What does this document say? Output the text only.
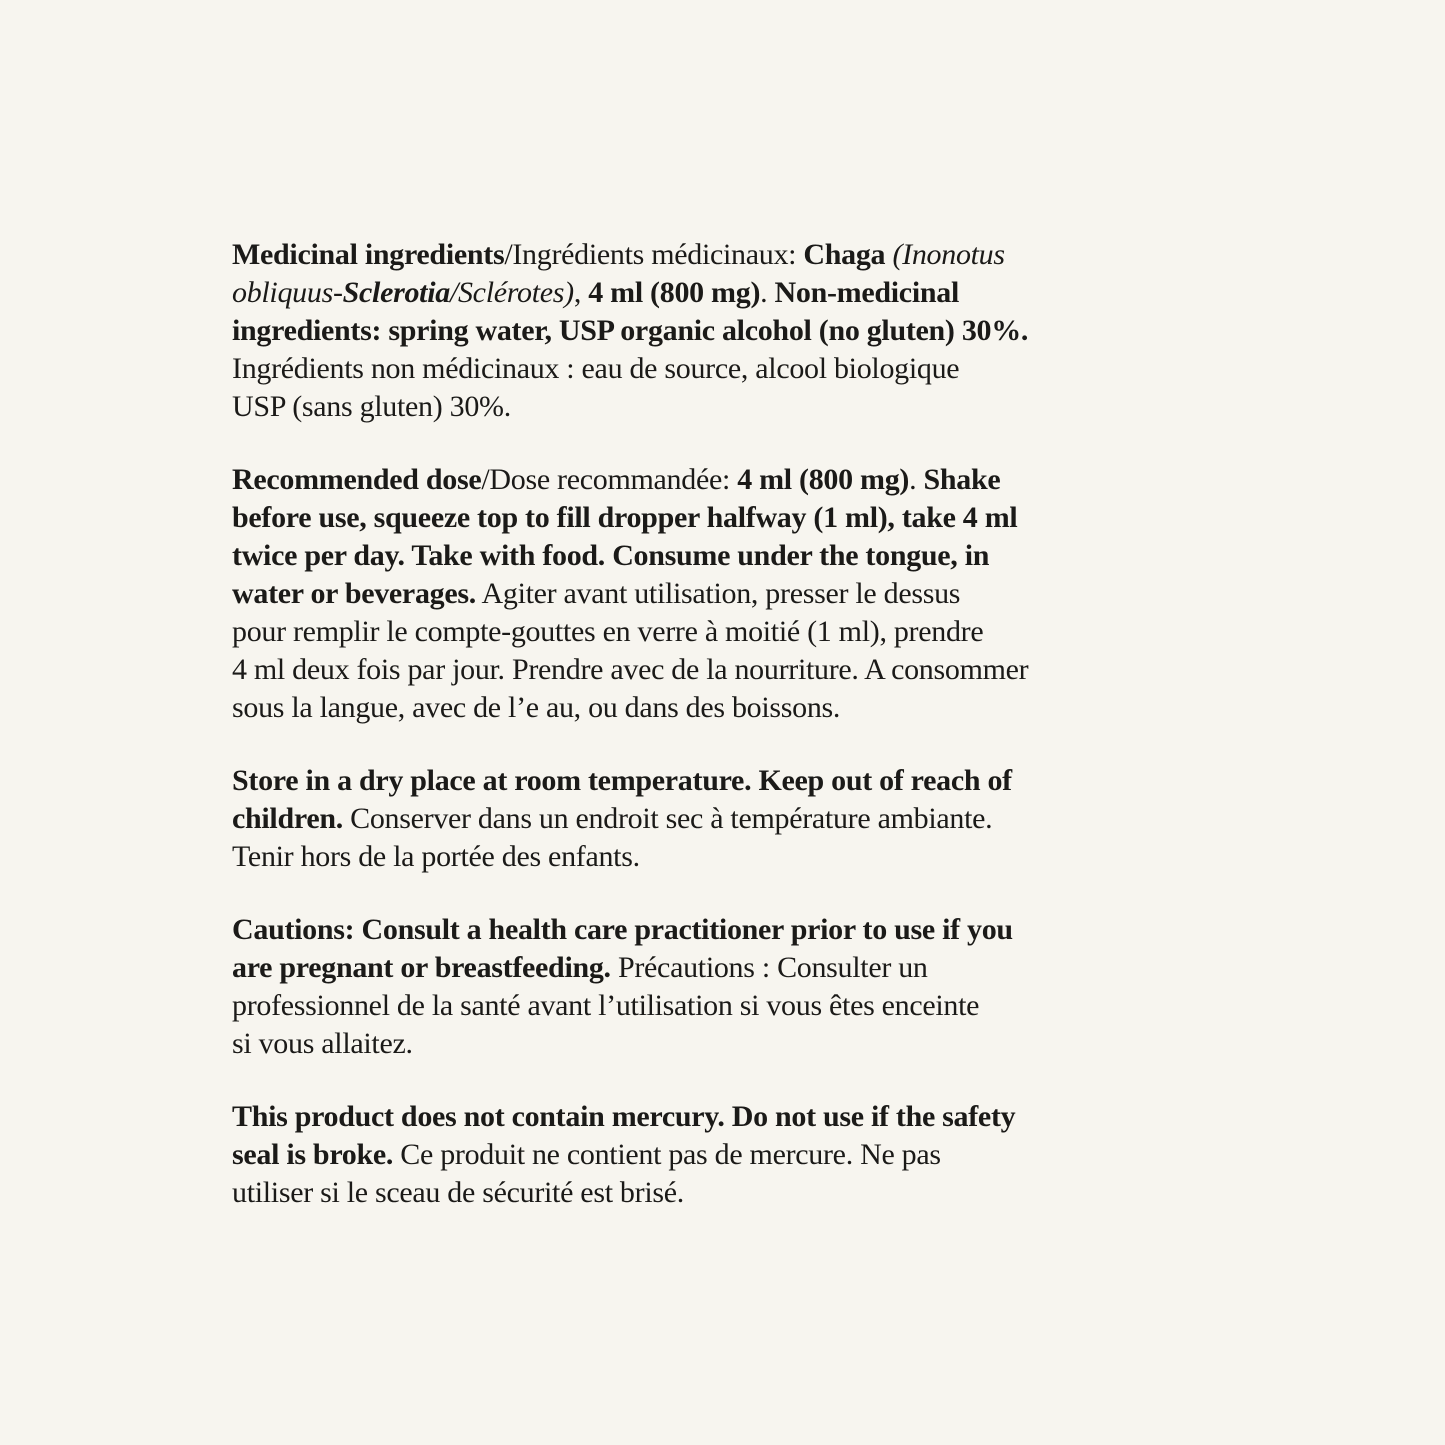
Medicinal ingredients/Ingrédients médicinaux: Chaga (Inonotus
obliquus-Sclerotia/Sclérotes), 4 ml (800 mg). Non-medicinal
ingredients: spring water, USP organic alcohol (no gluten) 30%.
Ingrédients non médicinaux : eau de source, alcool biologique
USP (sans gluten) 30%.

Recommended dose/Dose recommandée: 4 ml (800 mg). Shake
before use, squeeze top to fill dropper halfway (1 ml), take 4 ml
twice per day. Take with food. Consume under the tongue, in
water or beverages. Agiter avant utilisation, presser le dessus
pour remplir le compte-gouttes en verre à moitié (1 ml), prendre
4 ml deux fois par jour. Prendre avec de la nourriture. A consommer
sous la langue, avec de l’e au, ou dans des boissons.

Store in a dry place at room temperature. Keep out of reach of
children. Conserver dans un endroit sec à température ambiante.
Tenir hors de la portée des enfants.

Cautions: Consult a health care practitioner prior to use if you
are pregnant or breastfeeding. Précautions : Consulter un
professionnel de la santé avant l’utilisation si vous êtes enceinte
si vous allaitez.

This product does not contain mercury. Do not use if the safety
seal is broke. Ce produit ne contient pas de mercure. Ne pas
utiliser si le sceau de sécurité est brisé.
